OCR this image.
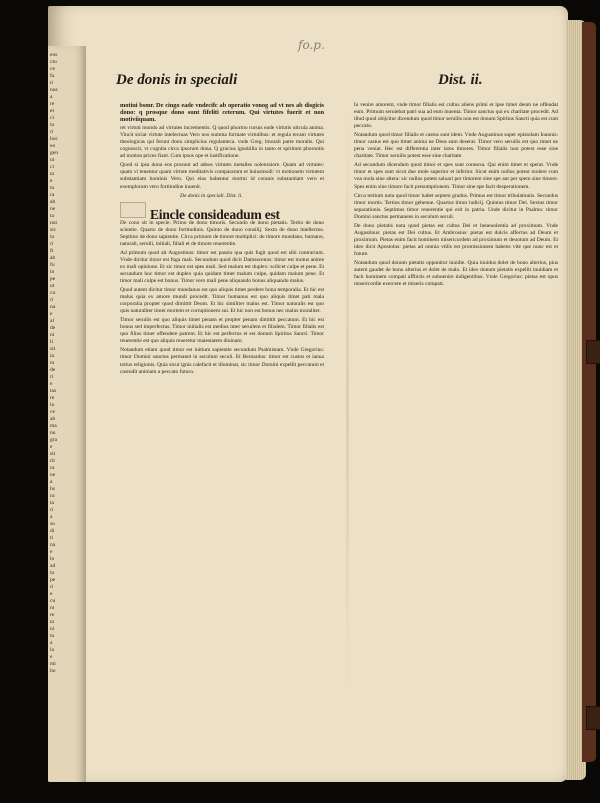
eos
ctu
ce
fa
ti
nus
a
re
et
ci
tu
ri
hoc
eo
gen
ut
ci
ta
e
tu
ra
ab
ne
ta
nut
sic
tu
ri
ft
ab
fu
in
pe
ut
cu
ri
na
e
al
de
ni
li
sit
ia
tu
de
ri
e
tas
re
in
ce
ab
ma
nu
gra
e
sit
rit
ra
ne
a
hs
nc
ta
ri
a
so
di
ti
na
e
lo
ad
tu
pe
ri
e
cu
nt
re
ta
ni
tu
a
la
e
mi
bo
fo.p.
De donis in speciali	Dist. ii.

motiui bsmr. De cingo eade vndecifc ab operatio vonog ad vt nes ab disgicis dono: q prosque dono sunt fifeliti ceterum. Qui virtutes fuerit et non motiviiquam.

ret virtuti mondo ad virtutes incrementis. Q quod phormo rursus eade virtutis uticula anima. Vincit siciat virtute intelectuas Vero nos summa formate virtutibus: et regula tecam virtutes theologicas qui ferunt donu simplicius regulanteca. vnde Greg. lmorali parte moralis. Qui cognoscit, vt cognita circa ipsorum dona. Q gracius ignobilia in tanto et spiritum phorontis ad motion prices fiant. Cum ipsos ope et iustificatione.

Quod si ipsa dona eos prosunt ad adeos virtutes metalles nolenraiore. Quam ad virtutes: quam vi tenentur quam virtute meditativis compararunt et huiusmodi: vt motionem virtutem substantiam hominis Vero. Qui eius habentur mortui id coranis substantiam vero et exemplorum vero fortitudine inuenit.

De donis in speciali. Dist. ii.

Eincle consideadum est

De cono sit in specie. Primo de dono timoris. Secundo de dono pietatis. Tertio de dono scientie. Quarto de dono fortitudinis. Quinto de dono consilij. Sexto de dono intellectus. Septimo de dono sapientie. Circa primum de timore multiplici: de timore mundano, humano, naturali, seruili, initiali, filiali et de timore reuerentie.

Ad primum quod ait Augustinus: timor est passio qua quis fugit quod est sibi contrarium. Vnde dicitur timor est fuga mali. Secundum quod dicit Damascenus: timor est motus anime ex mali opinione. Et sic timor est spes mali. Sed malum est duplex: scilicet culpe et pene. Et secundum hoc timor est duplex quia quidam timet malum culpe, quidam malum pene. Et timor mali culpe est bonus. Timor vero mali pene aliquando bonus aliquando malus.

Quod autem dicitur timor mundanus est quo aliquis timet perdere bona temporalia. Et hic est malus quia ex amore mundi procedit. Timor humanus est quo aliquis timet pati mala corporalia propter quod dimittit Deum. Et hic similiter malus est. Timor naturalis est quo quis naturaliter timet mortem et corruptionem sui. Et hic non est bonus nec malus moraliter.

Timor seruilis est quo aliquis timet penam et propter penam dimittit peccatum. Et hic est bonus sed imperfectus. Timor initialis est medius inter seruilem et filialem. Timor filialis est quo filius timet offendere patrem. Et hic est perfectus et est donum Spiritus Sancti. Timor reuerentie est quo aliquis reueretur maiestatem diuinam.

Notandum etiam quod timor est initium sapientie secundum Psalmistam. Vnde Gregorius: timor Domini sanctus permanet in seculum seculi. Et Bernardus: timor est custos et ianua totius religionis. Quia sicut ignis calefacit et illuminat, sic timor Domini expellit peccatum et custodit animam a peccato futuro.

hi venire amorem, vnde timor filialis est cultus aliens primi et ipse timet deum ne offendat eum. Primum seruiebat patri sua ad eum inuenta. Timor sanctus qui ex charitate procedit. Ad illud quod obijcitur dicendum quod timor seruilis non est donum Spiritus Sancti quia est cum peccato.

Notandum quod timor filialis et castus sunt idem. Vnde Augustinus super epistolam Ioannis: timor castus est quo timet anima ne Deus eam deserat. Timor vero seruilis est quo timet ne pena veniat. Hec est differentia inter istos timores. Timor filialis non potest esse sine charitate. Timor seruilis potest esse sine charitate.

Ad secundum dicendum quod timor et spes sunt connexa. Qui enim timet et sperat. Vnde timor et spes sunt sicut due mole superior et inferior. Sicut enim nullus potest molere cum vna mola sine altera: sic nullus potest saluari per timorem sine spe aut per spem sine timore. Spes enim sine timore facit presumptionem. Timor sine spe facit desperationem.

Circa tertium nota quod timor habet septem gradus. Primus est timor tribulationis. Secundus timor mortis. Tertius timor gehenne. Quartus timor iudicij. Quintus timor Dei. Sextus timor separationis. Septimus timor reuerentie qui erit in patria. Unde dicitur in Psalmo: timor Domini sanctus permanens in seculum seculi.

De dono pietatis nota quod pietas est cultus Dei et beneuolentia ad proximum. Vnde Augustinus: pietas est Dei cultus. Et Ambrosius: pietas est dulcis affectus ad Deum et proximum. Pietas enim facit hominem misericordem ad proximum et deuotum ad Deum. Et ideo dicit Apostolus: pietas ad omnia vtilis est promissionem habens vite que nunc est et future.

Notandum quod donum pietatis opponitur inuidie. Quia inuidus dolet de bono alterius, pius autem gaudet de bono alterius et dolet de malo. Et ideo donum pietatis expellit inuidiam et facit hominem compati afflictis et subuenire indigentibus. Vnde Gregorius: pietas est opus misericordie exercere et miseris compati.
